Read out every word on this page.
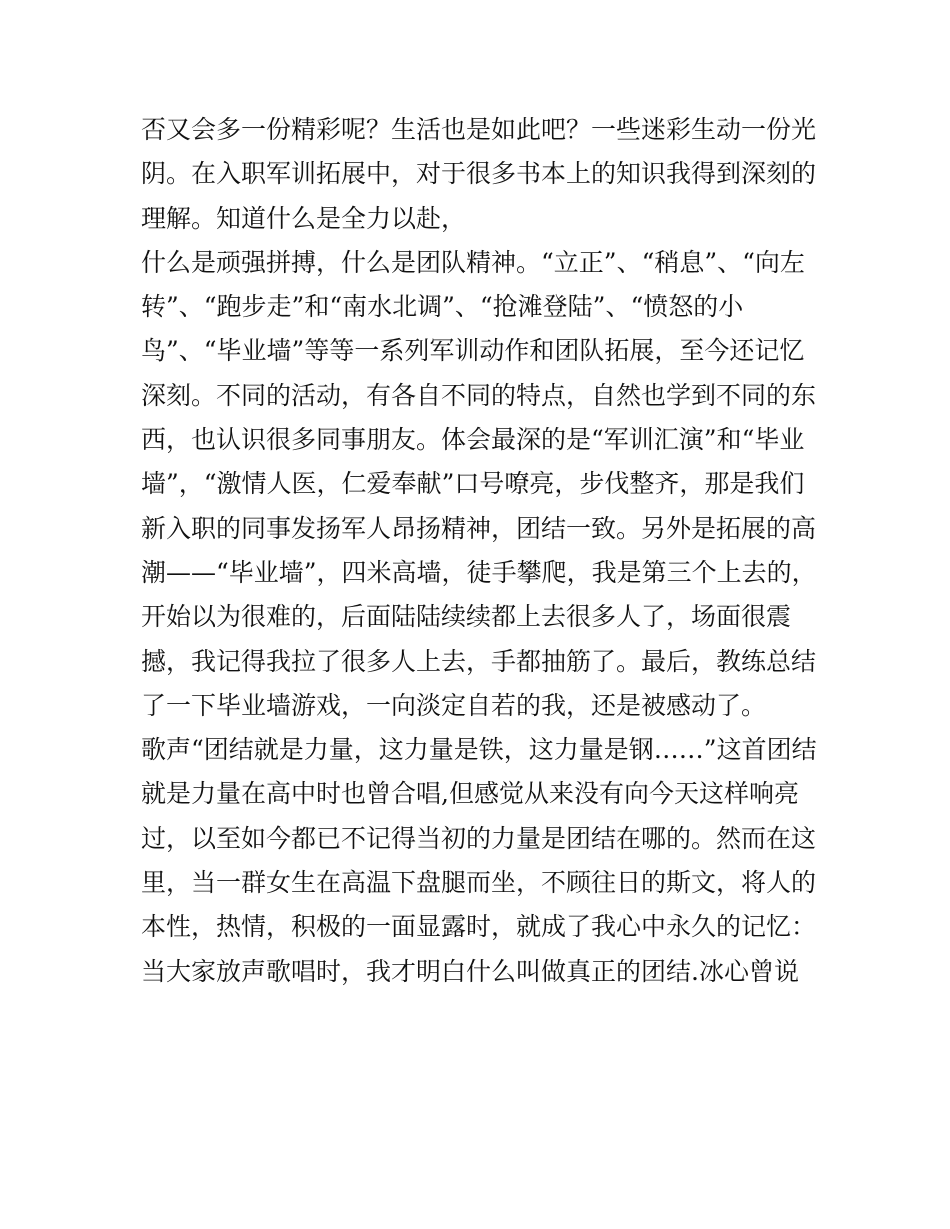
否又会多一份精彩呢？生活也是如此吧？一些迷彩生动一份光
阴。在入职军训拓展中，对于很多书本上的知识我得到深刻的
理解。知道什么是全力以赴，
什么是顽强拼搏，什么是团队精神。“立正”、“稍息”、“向左
转”、“跑步走”和“南水北调”、“抢滩登陆”、“愤怒的小
鸟”、“毕业墙”等等一系列军训动作和团队拓展，至今还记忆
深刻。不同的活动，有各自不同的特点，自然也学到不同的东
西，也认识很多同事朋友。体会最深的是“军训汇演”和“毕业
墙”，“激情人医，仁爱奉献”口号嘹亮，步伐整齐，那是我们
新入职的同事发扬军人昂扬精神，团结一致。另外是拓展的高
潮——“毕业墙”，四米高墙，徒手攀爬，我是第三个上去的，
开始以为很难的，后面陆陆续续都上去很多人了，场面很震
撼，我记得我拉了很多人上去，手都抽筋了。最后，教练总结
了一下毕业墙游戏，一向淡定自若的我，还是被感动了。
歌声“团结就是力量，这力量是铁，这力量是钢……”这首团结
就是力量在高中时也曾合唱,但感觉从来没有向今天这样响亮
过，以至如今都已不记得当初的力量是团结在哪的。然而在这
里，当一群女生在高温下盘腿而坐，不顾往日的斯文，将人的
本性，热情，积极的一面显露时，就成了我心中永久的记忆：
当大家放声歌唱时，我才明白什么叫做真正的团结.冰心曾说
